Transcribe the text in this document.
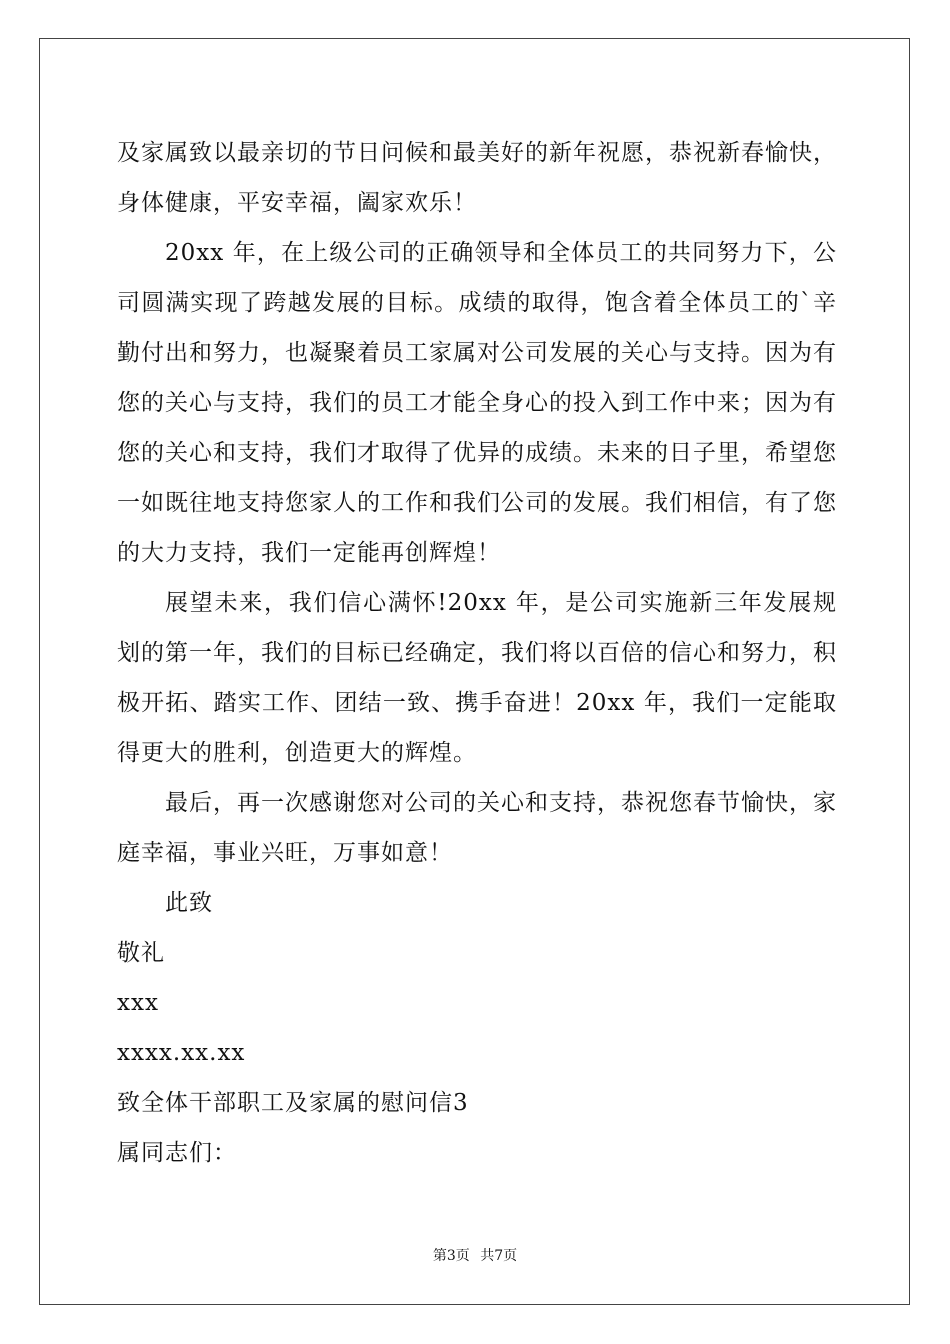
及家属致以最亲切的节日问候和最美好的新年祝愿，恭祝新春愉快，身体健康，平安幸福，阖家欢乐！

20xx 年，在上级公司的正确领导和全体员工的共同努力下，公司圆满实现了跨越发展的目标。成绩的取得，饱含着全体员工的`辛勤付出和努力，也凝聚着员工家属对公司发展的关心与支持。因为有您的关心与支持，我们的员工才能全身心的投入到工作中来；因为有您的关心和支持，我们才取得了优异的成绩。未来的日子里，希望您一如既往地支持您家人的工作和我们公司的发展。我们相信，有了您的大力支持，我们一定能再创辉煌！

展望未来，我们信心满怀!20xx 年，是公司实施新三年发展规划的第一年，我们的目标已经确定，我们将以百倍的信心和努力，积极开拓、踏实工作、团结一致、携手奋进！20xx 年，我们一定能取得更大的胜利，创造更大的辉煌。

最后，再一次感谢您对公司的关心和支持，恭祝您春节愉快，家庭幸福，事业兴旺，万事如意！

此致

敬礼

xxx

xxxx.xx.xx

致全体干部职工及家属的慰问信3

属同志们：

第3页 共7页
